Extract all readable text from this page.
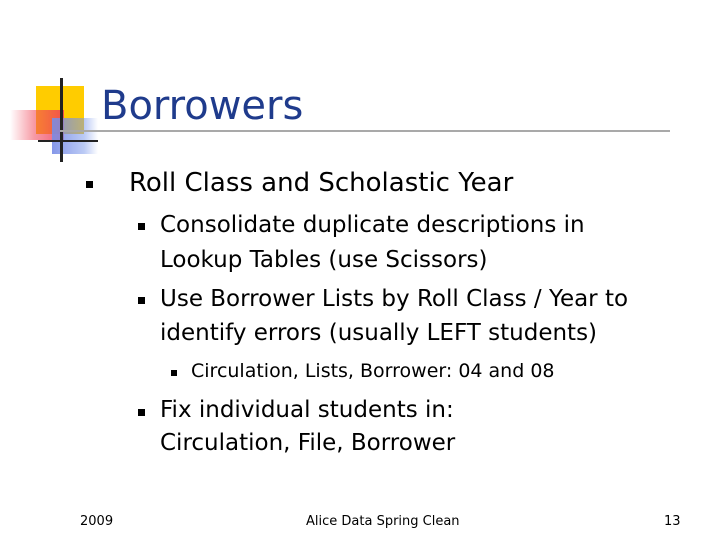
Borrowers
Roll Class and Scholastic Year
Consolidate duplicate descriptions in
Lookup Tables (use Scissors)
Use Borrower Lists by Roll Class / Year to
identify errors (usually LEFT students)
Circulation, Lists, Borrower: 04 and 08
Fix individual students in:
Circulation, File, Borrower
2009	Alice Data Spring Clean	13
